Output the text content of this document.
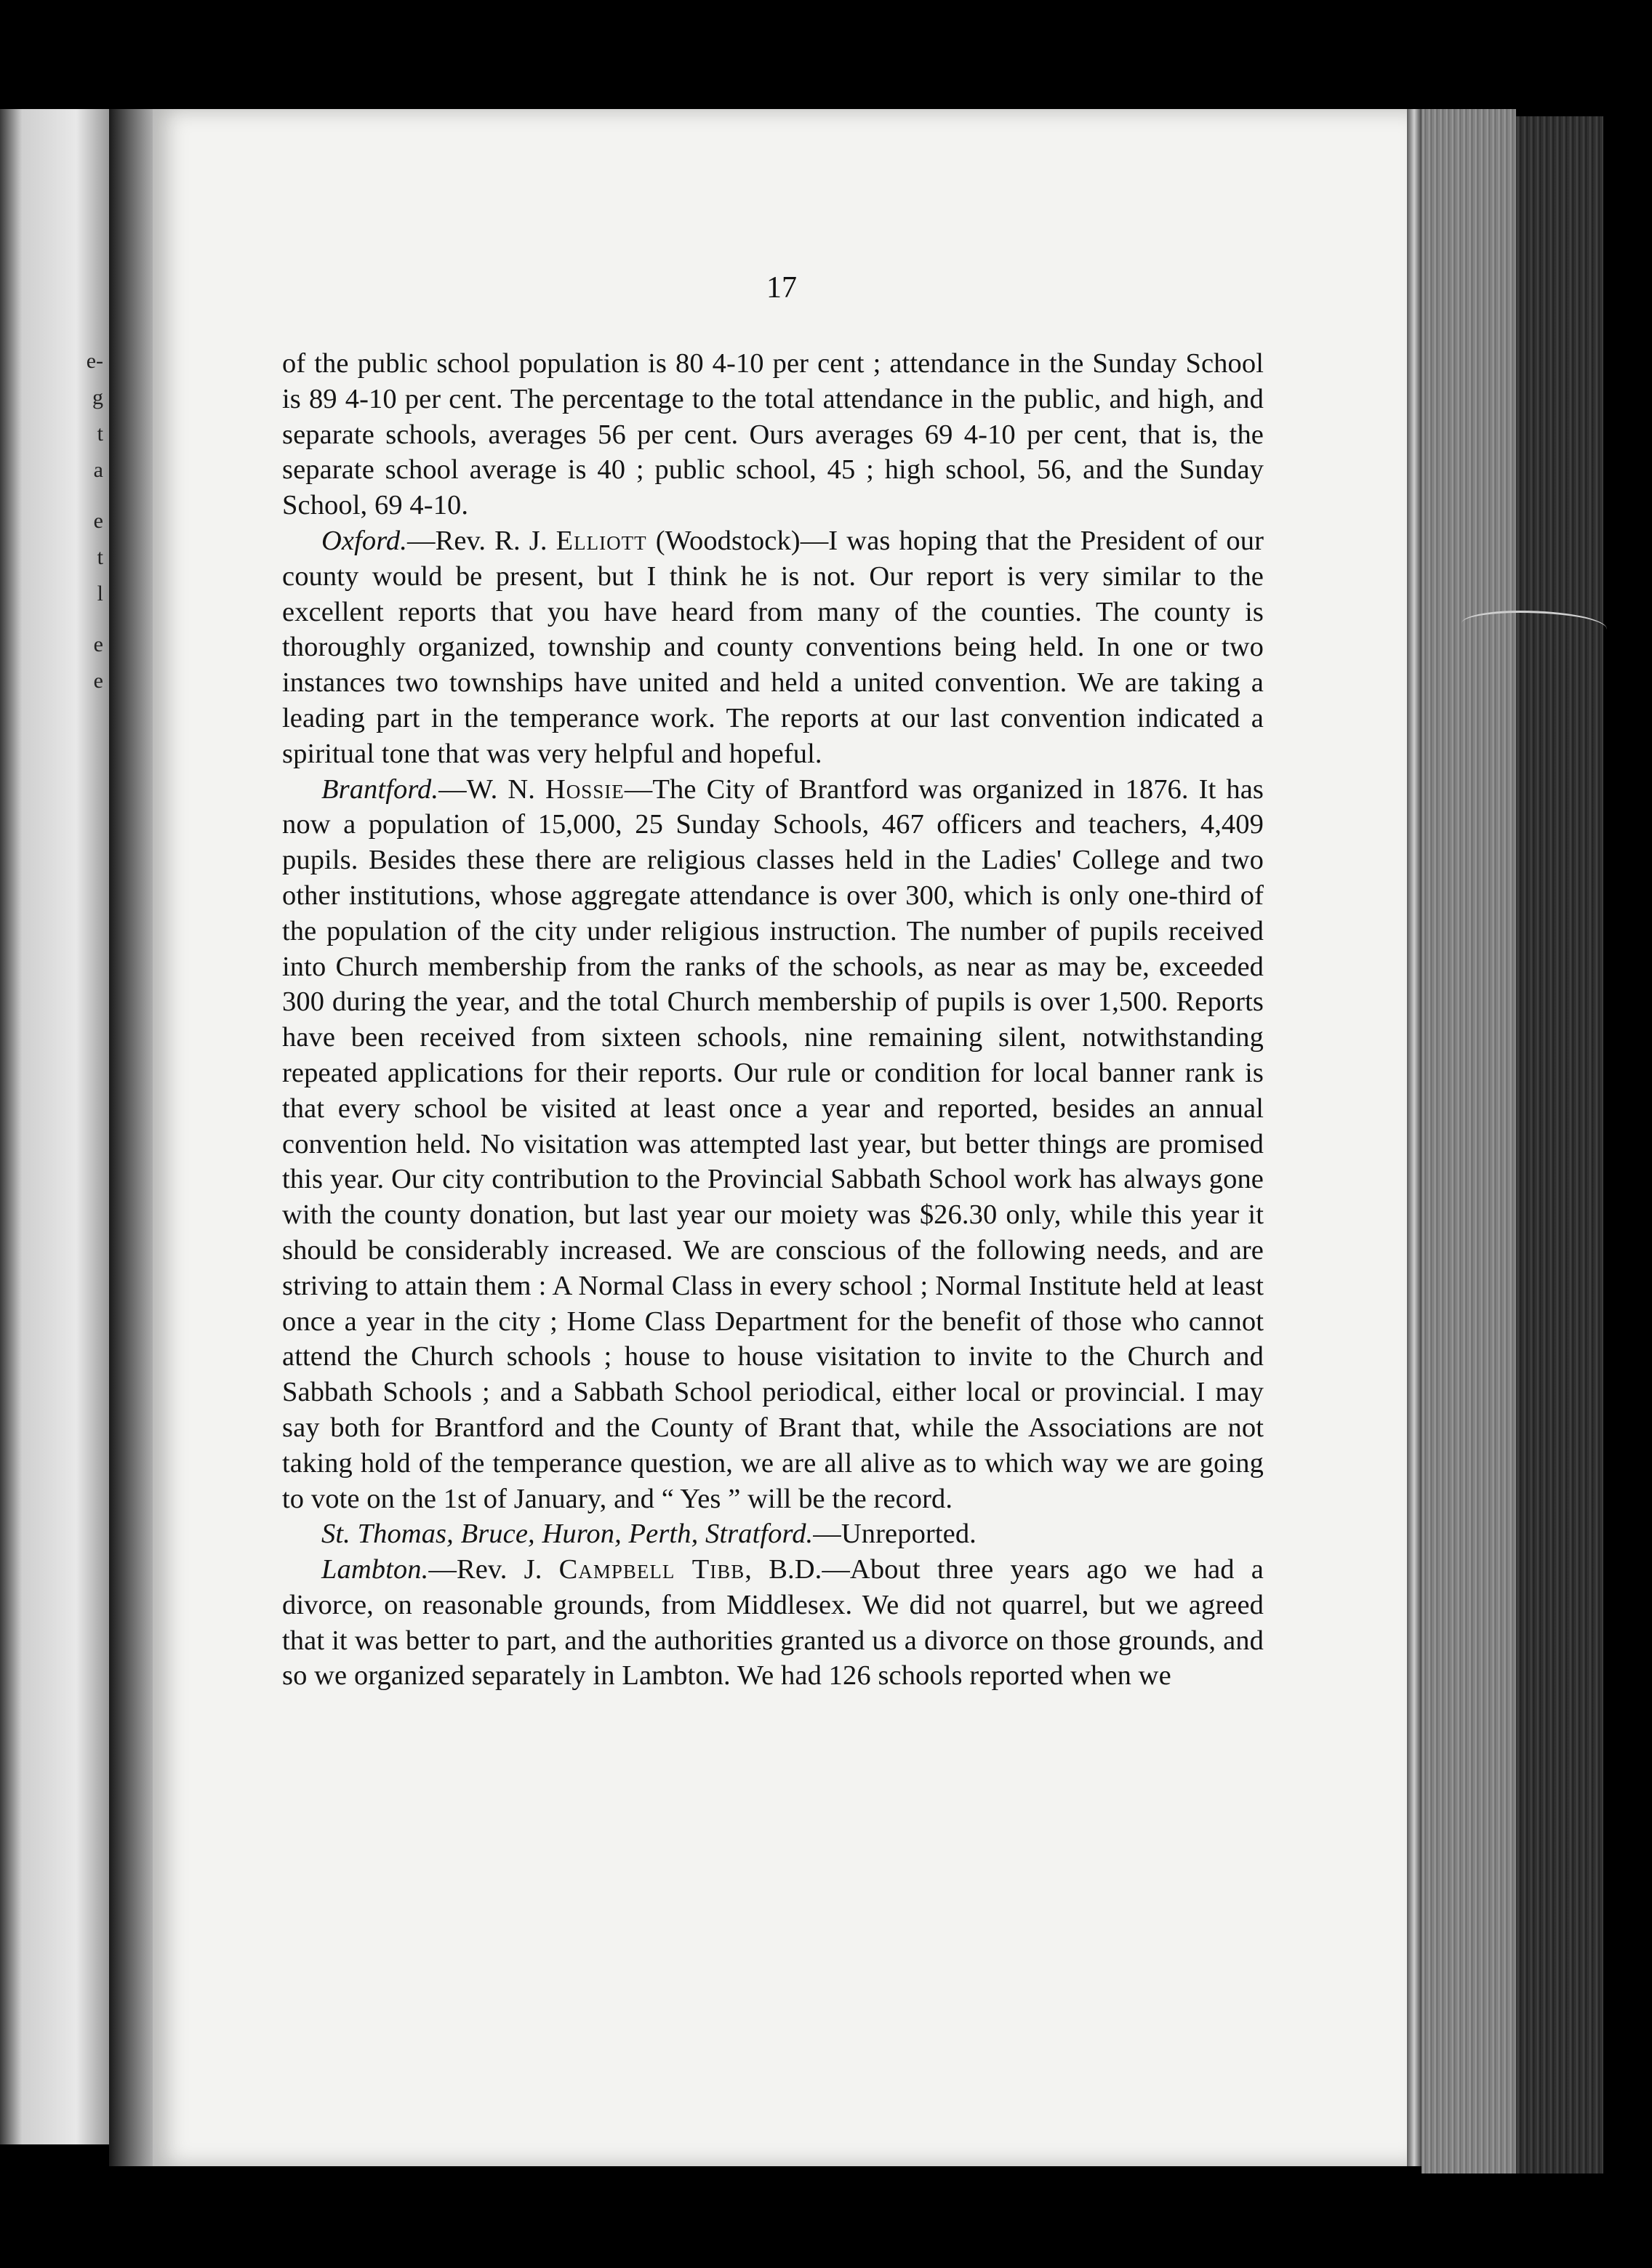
e-
g
t
a
e
t
l
e
e
17

of the public school population is 80 4-10 per cent ; attendance in the Sunday School is 89 4-10 per cent. The percentage to the total attendance in the public, and high, and separate schools, averages 56 per cent. Ours averages 69 4-10 per cent, that is, the separate school average is 40 ; public school, 45 ; high school, 56, and the Sunday School, 69 4-10.

Oxford.—Rev. R. J. Elliott (Woodstock)—I was hoping that the President of our county would be present, but I think he is not. Our report is very similar to the excellent reports that you have heard from many of the counties. The county is thoroughly organized, township and county conventions being held. In one or two instances two townships have united and held a united convention. We are taking a leading part in the temperance work. The reports at our last convention indicated a spiritual tone that was very helpful and hopeful.

Brantford.—W. N. Hossie—The City of Brantford was organized in 1876. It has now a population of 15,000, 25 Sunday Schools, 467 officers and teachers, 4,409 pupils. Besides these there are religious classes held in the Ladies' College and two other institutions, whose aggregate attendance is over 300, which is only one-third of the population of the city under religious instruction. The number of pupils received into Church membership from the ranks of the schools, as near as may be, exceeded 300 during the year, and the total Church membership of pupils is over 1,500. Reports have been received from sixteen schools, nine remaining silent, notwithstanding repeated applications for their reports. Our rule or condition for local banner rank is that every school be visited at least once a year and reported, besides an annual convention held. No visitation was attempted last year, but better things are promised this year. Our city contribution to the Provincial Sabbath School work has always gone with the county donation, but last year our moiety was $26.30 only, while this year it should be considerably increased. We are conscious of the following needs, and are striving to attain them : A Normal Class in every school ; Normal Institute held at least once a year in the city ; Home Class Department for the benefit of those who cannot attend the Church schools ; house to house visitation to invite to the Church and Sabbath Schools ; and a Sabbath School periodical, either local or provincial. I may say both for Brantford and the County of Brant that, while the Associations are not taking hold of the temperance question, we are all alive as to which way we are going to vote on the 1st of January, and “ Yes ” will be the record.

St. Thomas, Bruce, Huron, Perth, Stratford.—Unreported.

Lambton.—Rev. J. Campbell Tibb, B.D.—About three years ago we had a divorce, on reasonable grounds, from Middlesex. We did not quarrel, but we agreed that it was better to part, and the authorities granted us a divorce on those grounds, and so we organized separately in Lambton. We had 126 schools reported when we
